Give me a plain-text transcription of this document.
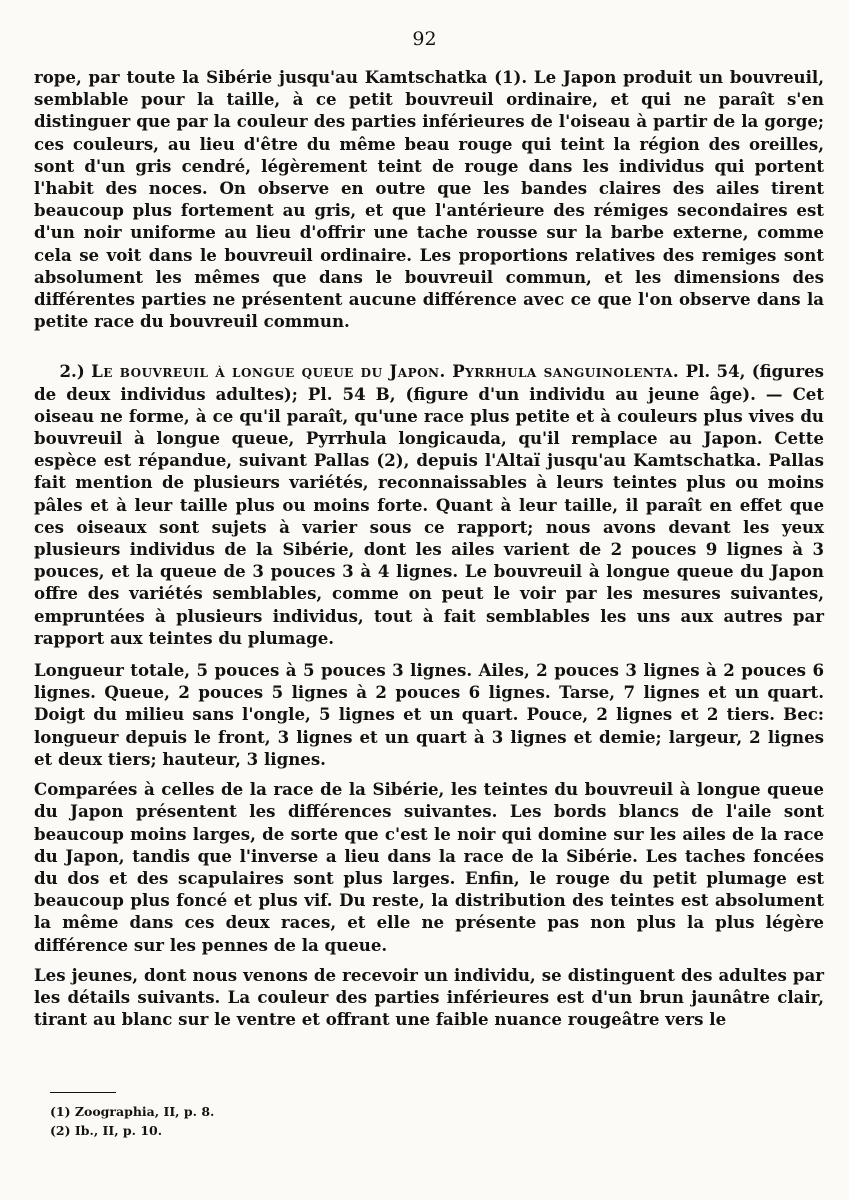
92

rope, par toute la Sibérie jusqu'au Kamtschatka (1). Le Japon produit un bouvreuil, semblable pour la taille, à ce petit bouvreuil ordinaire, et qui ne paraît s'en distinguer que par la couleur des parties inférieures de l'oiseau à partir de la gorge; ces couleurs, au lieu d'être du même beau rouge qui teint la région des oreilles, sont d'un gris cendré, légèrement teint de rouge dans les individus qui portent l'habit des noces. On observe en outre que les bandes claires des ailes tirent beaucoup plus fortement au gris, et que l'antérieure des rémiges secondaires est d'un noir uniforme au lieu d'offrir une tache rousse sur la barbe externe, comme cela se voit dans le bouvreuil ordinaire. Les proportions relatives des remiges sont absolument les mêmes que dans le bouvreuil commun, et les dimensions des différentes parties ne présentent aucune différence avec ce que l'on observe dans la petite race du bouvreuil commun.

2.) Le bouvreuil à longue queue du Japon. Pyrrhula sanguinolenta. Pl. 54, (figures de deux individus adultes); Pl. 54 B, (figure d'un individu au jeune âge). — Cet oiseau ne forme, à ce qu'il paraît, qu'une race plus petite et à couleurs plus vives du bouvreuil à longue queue, Pyrrhula longicauda, qu'il remplace au Japon. Cette espèce est répandue, suivant Pallas (2), depuis l'Altaï jusqu'au Kamtschatka. Pallas fait mention de plusieurs variétés, reconnaissables à leurs teintes plus ou moins pâles et à leur taille plus ou moins forte. Quant à leur taille, il paraît en effet que ces oiseaux sont sujets à varier sous ce rapport; nous avons devant les yeux plusieurs individus de la Sibérie, dont les ailes varient de 2 pouces 9 lignes à 3 pouces, et la queue de 3 pouces 3 à 4 lignes. Le bouvreuil à longue queue du Japon offre des variétés semblables, comme on peut le voir par les mesures suivantes, empruntées à plusieurs individus, tout à fait semblables les uns aux autres par rapport aux teintes du plumage.

Longueur totale, 5 pouces à 5 pouces 3 lignes. Ailes, 2 pouces 3 lignes à 2 pouces 6 lignes. Queue, 2 pouces 5 lignes à 2 pouces 6 lignes. Tarse, 7 lignes et un quart. Doigt du milieu sans l'ongle, 5 lignes et un quart. Pouce, 2 lignes et 2 tiers. Bec: longueur depuis le front, 3 lignes et un quart à 3 lignes et demie; largeur, 2 lignes et deux tiers; hauteur, 3 lignes.

Comparées à celles de la race de la Sibérie, les teintes du bouvreuil à longue queue du Japon présentent les différences suivantes. Les bords blancs de l'aile sont beaucoup moins larges, de sorte que c'est le noir qui domine sur les ailes de la race du Japon, tandis que l'inverse a lieu dans la race de la Sibérie. Les taches foncées du dos et des scapulaires sont plus larges. Enfin, le rouge du petit plumage est beaucoup plus foncé et plus vif. Du reste, la distribution des teintes est absolument la même dans ces deux races, et elle ne présente pas non plus la plus légère différence sur les pennes de la queue.

Les jeunes, dont nous venons de recevoir un individu, se distinguent des adultes par les détails suivants. La couleur des parties inférieures est d'un brun jaunâtre clair, tirant au blanc sur le ventre et offrant une faible nuance rougeâtre vers le

(1) Zoographia, II, p. 8.
(2) Ib., II, p. 10.
